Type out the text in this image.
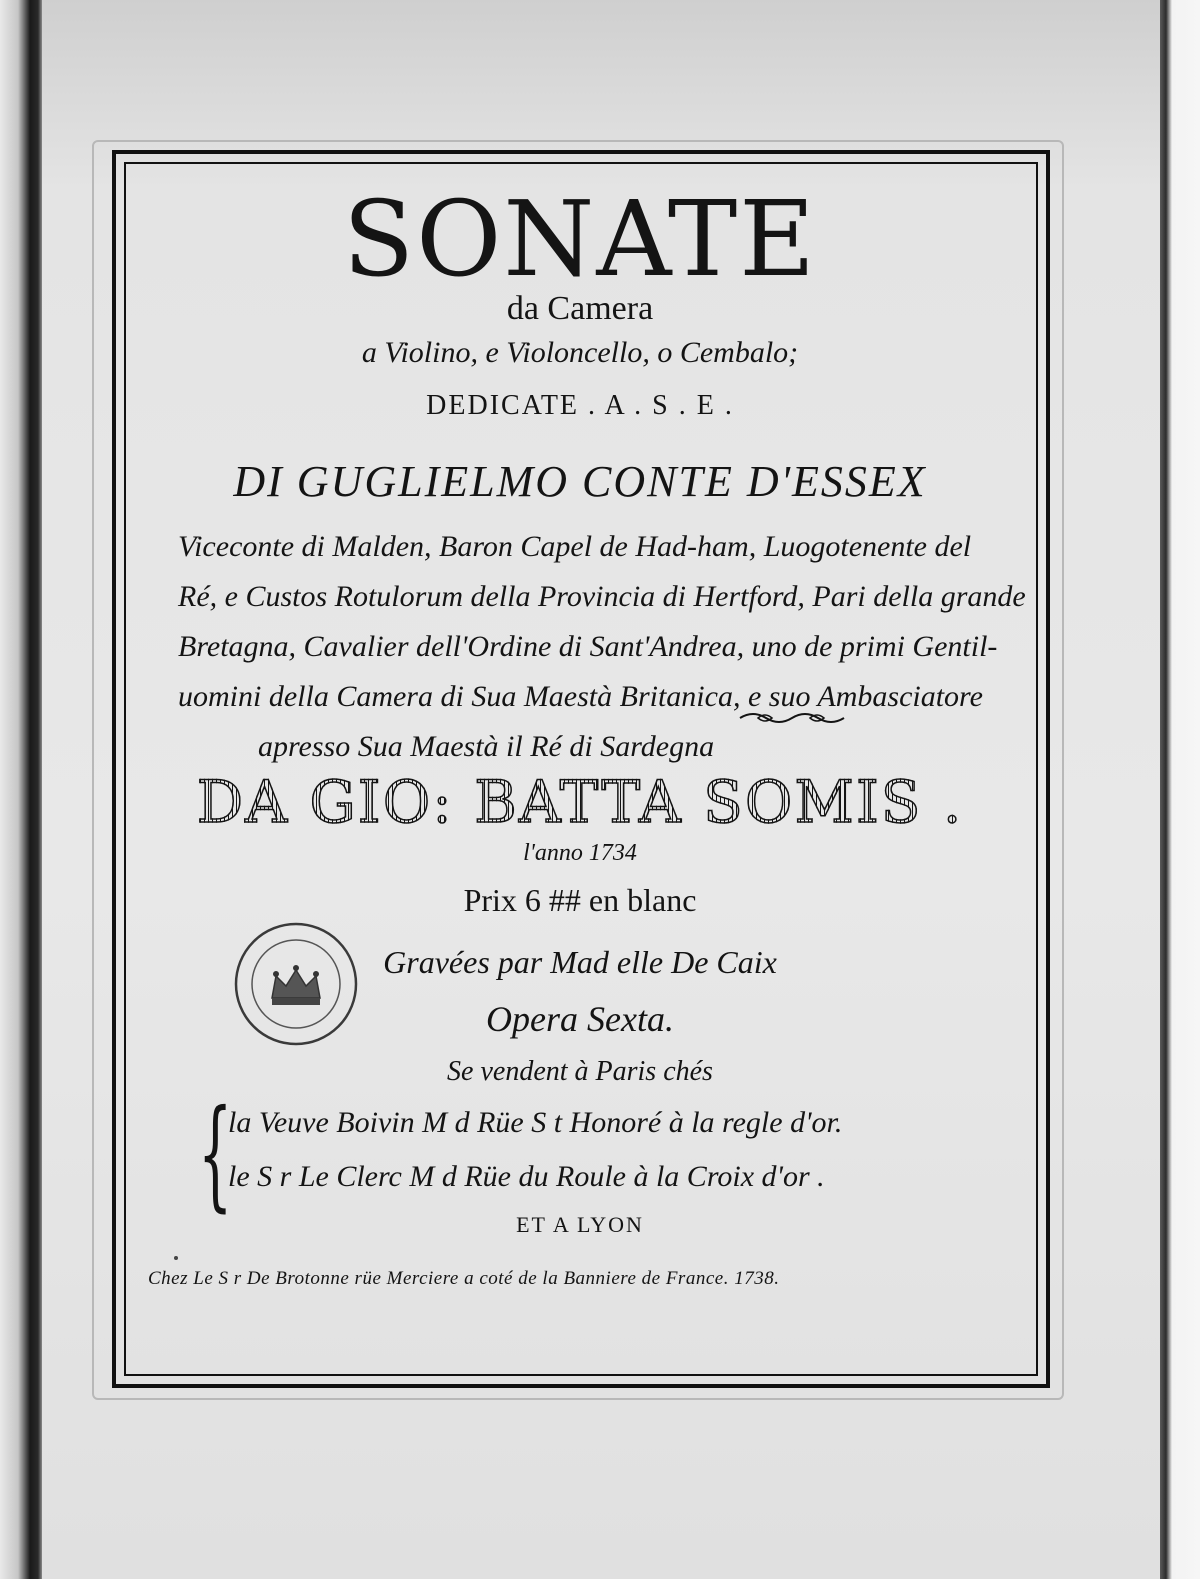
SONATE
da Camera
a Violino, e Violoncello, o Cembalo;
DEDICATE . A . S . E .
DI GUGLIELMO CONTE D'ESSEX
Viceconte di Malden, Baron Capel de Had-ham, Luogotenente del
Ré, e Custos Rotulorum della Provincia di Hertford, Pari della grande
Bretagna, Cavalier dell'Ordine di Sant'Andrea, uno de primi Gentil-
uomini della Camera di Sua Maestà Britanica, e suo Ambasciatore
apresso Sua Maestà il Ré di Sardegna
DA GIO: BATTA SOMIS .
l'anno 1734
Prix 6 ## en blanc
Gravées par Mad elle De Caix
Opera Sexta.
Se vendent à Paris chés
{
la Veuve Boivin M d Rüe S t Honoré à la regle d'or.
le S r Le Clerc M d Rüe du Roule à la Croix d'or .
ET A LYON
Chez Le S r De Brotonne rüe Merciere a coté de la Banniere de France. 1738.
